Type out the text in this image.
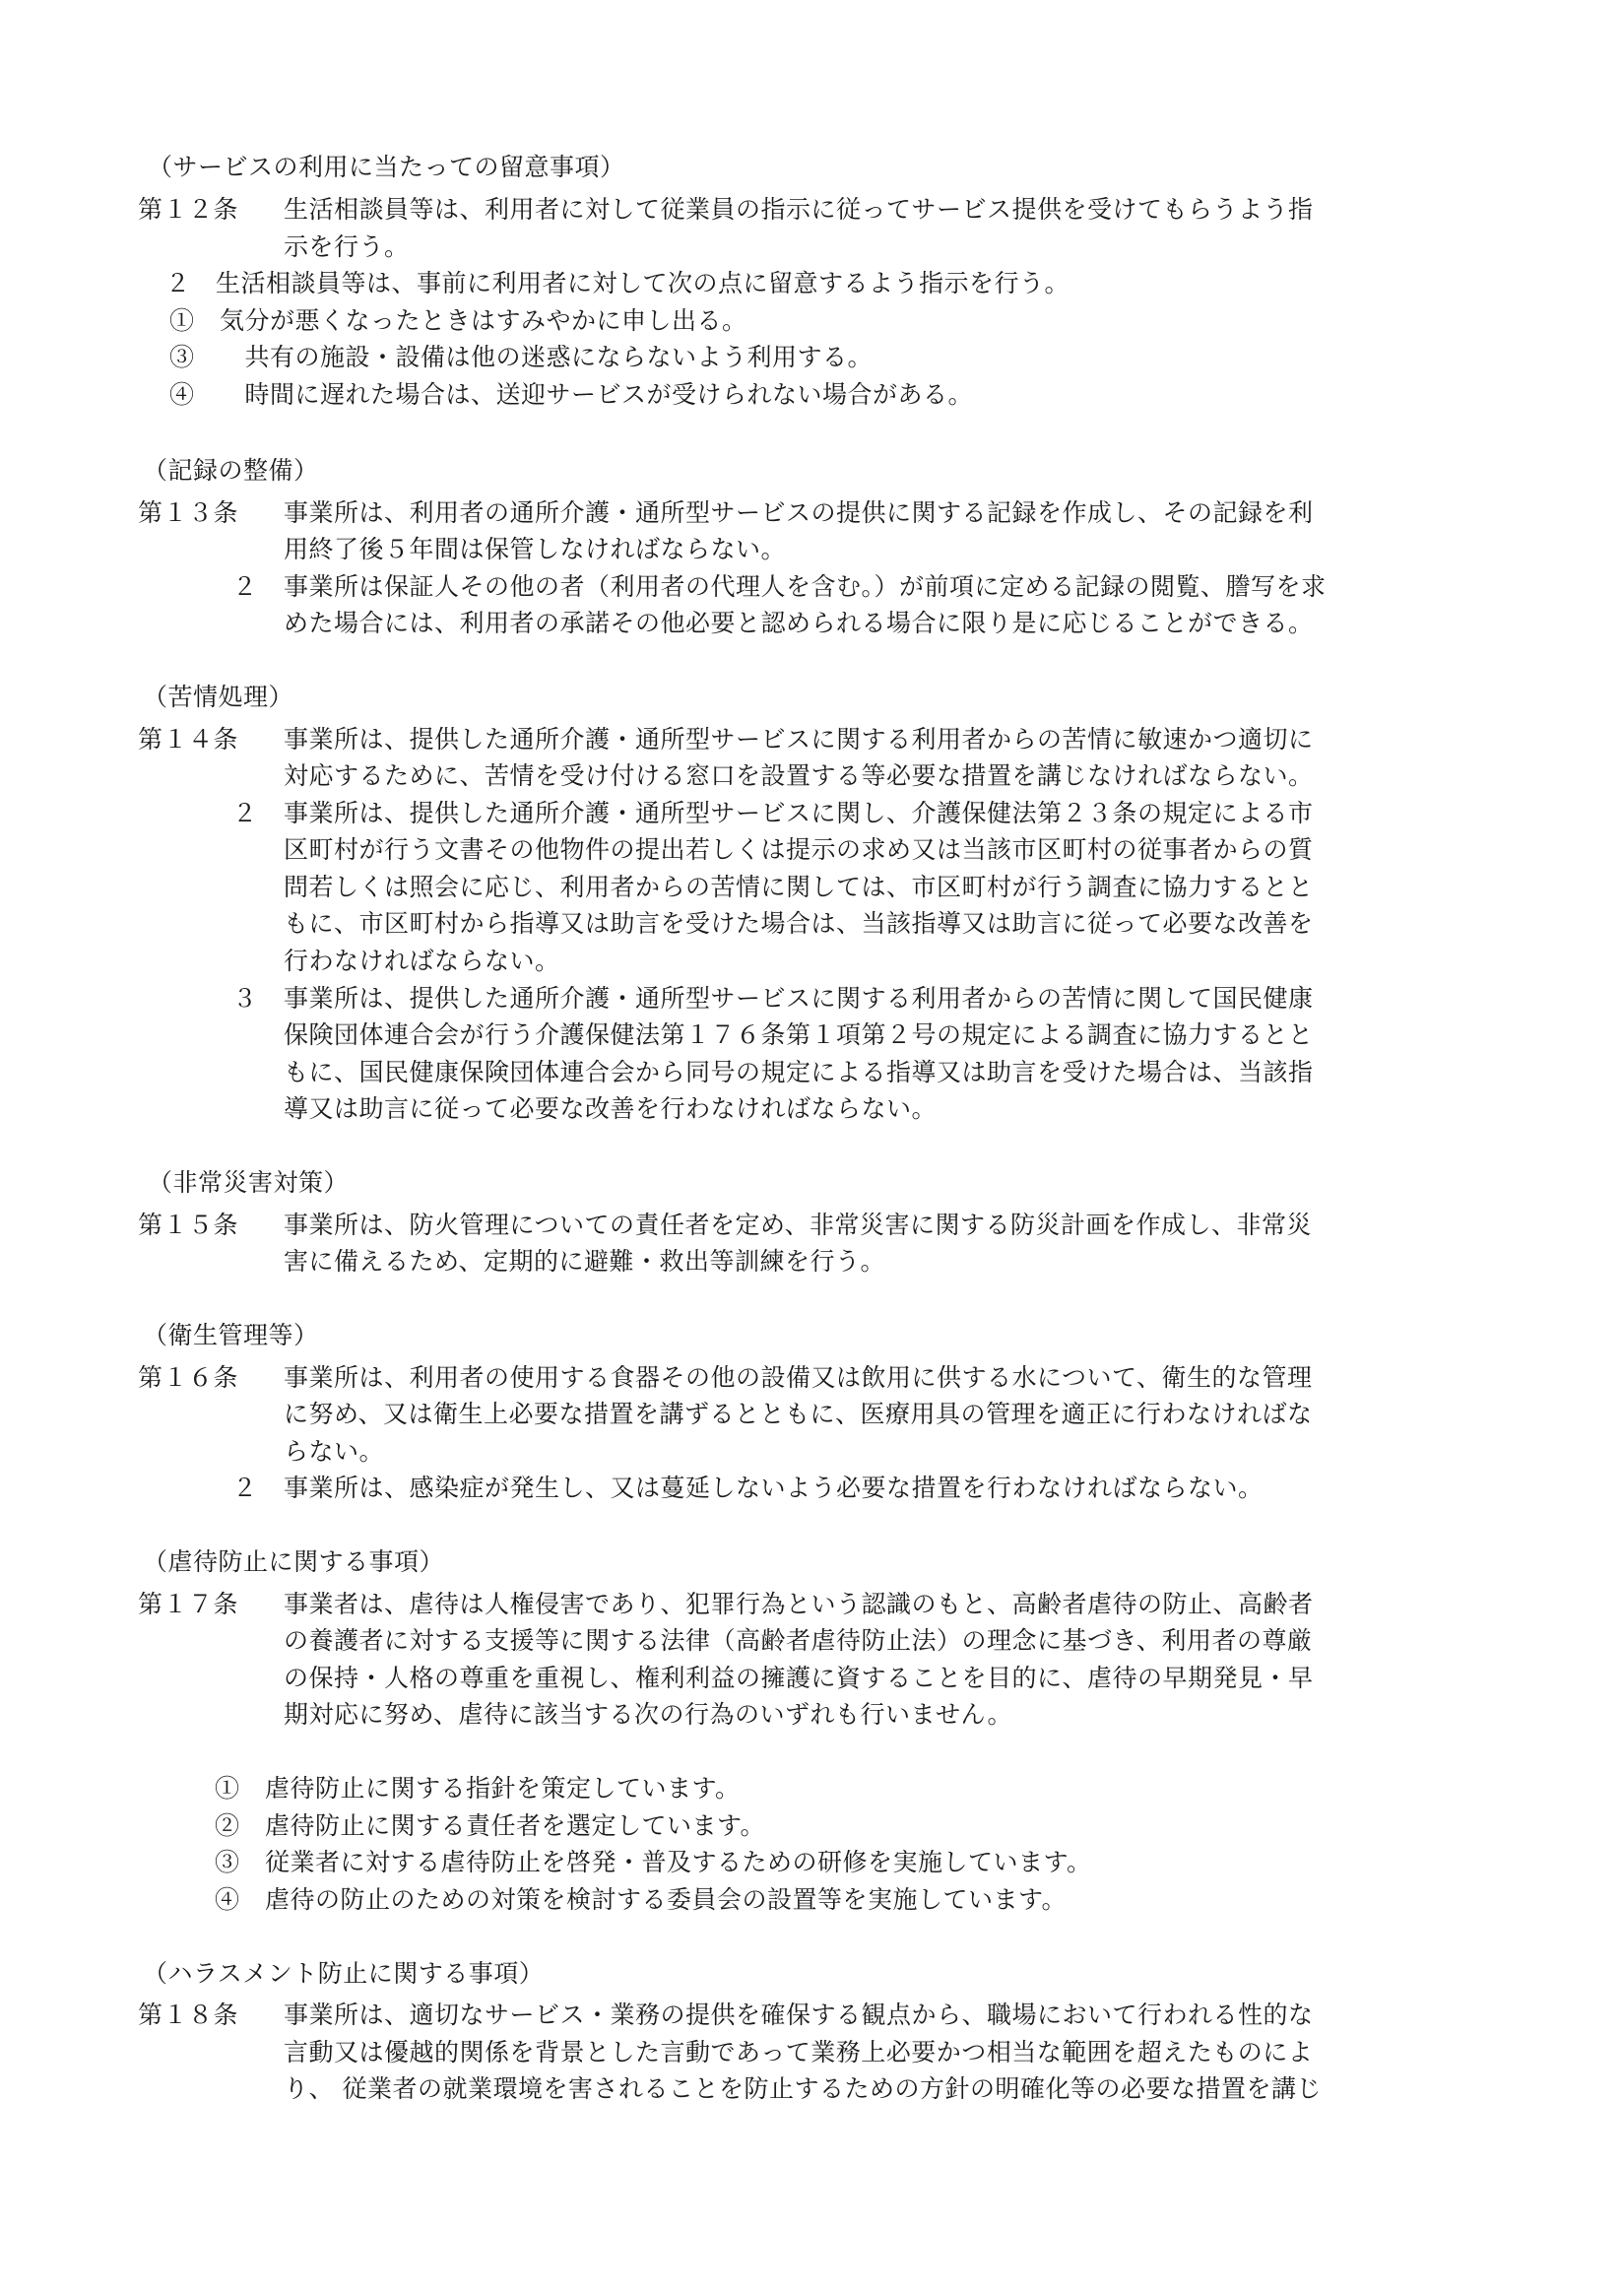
（サービスの利用に当たっての留意事項）
第１２条 生活相談員等は、利用者に対して従業員の指示に従ってサービス提供を受けてもらうよう指
示を行う。
２　生活相談員等は、事前に利用者に対して次の点に留意するよう指示を行う。
①　気分が悪くなったときはすみやかに申し出る。
③　　共有の施設・設備は他の迷惑にならないよう利用する。
④　　時間に遅れた場合は、送迎サービスが受けられない場合がある。
（記録の整備）
第１３条 事業所は、利用者の通所介護・通所型サービスの提供に関する記録を作成し、その記録を利
用終了後５年間は保管しなければならない。
２ 事業所は保証人その他の者（利用者の代理人を含む。）が前項に定める記録の閲覧、謄写を求
めた場合には、利用者の承諾その他必要と認められる場合に限り是に応じることができる。
（苦情処理）
第１４条 事業所は、提供した通所介護・通所型サービスに関する利用者からの苦情に敏速かつ適切に
対応するために、苦情を受け付ける窓口を設置する等必要な措置を講じなければならない。
２ 事業所は、提供した通所介護・通所型サービスに関し、介護保健法第２３条の規定による市
区町村が行う文書その他物件の提出若しくは提示の求め又は当該市区町村の従事者からの質
問若しくは照会に応じ、利用者からの苦情に関しては、市区町村が行う調査に協力するとと
もに、市区町村から指導又は助言を受けた場合は、当該指導又は助言に従って必要な改善を
行わなければならない。
３ 事業所は、提供した通所介護・通所型サービスに関する利用者からの苦情に関して国民健康
保険団体連合会が行う介護保健法第１７６条第１項第２号の規定による調査に協力するとと
もに、国民健康保険団体連合会から同号の規定による指導又は助言を受けた場合は、当該指
導又は助言に従って必要な改善を行わなければならない。
（非常災害対策）
第１５条 事業所は、防火管理についての責任者を定め、非常災害に関する防災計画を作成し、非常災
害に備えるため、定期的に避難・救出等訓練を行う。
（衛生管理等）
第１６条 事業所は、利用者の使用する食器その他の設備又は飲用に供する水について、衛生的な管理
に努め、又は衛生上必要な措置を講ずるとともに、医療用具の管理を適正に行わなければな
らない。
２ 事業所は、感染症が発生し、又は蔓延しないよう必要な措置を行わなければならない。
（虐待防止に関する事項）
第１７条 事業者は、虐待は人権侵害であり、犯罪行為という認識のもと、高齢者虐待の防止、高齢者
の養護者に対する支援等に関する法律（高齢者虐待防止法）の理念に基づき、利用者の尊厳
の保持・人格の尊重を重視し、権利利益の擁護に資することを目的に、虐待の早期発見・早
期対応に努め、虐待に該当する次の行為のいずれも行いません。
①　虐待防止に関する指針を策定しています。
②　虐待防止に関する責任者を選定しています。
③　従業者に対する虐待防止を啓発・普及するための研修を実施しています。
④　虐待の防止のための対策を検討する委員会の設置等を実施しています。
（ハラスメント防止に関する事項）
第１８条 事業所は、適切なサービス・業務の提供を確保する観点から、職場において行われる性的な
言動又は優越的関係を背景とした言動であって業務上必要かつ相当な範囲を超えたものによ
り、 従業者の就業環境を害されることを防止するための方針の明確化等の必要な措置を講じ
